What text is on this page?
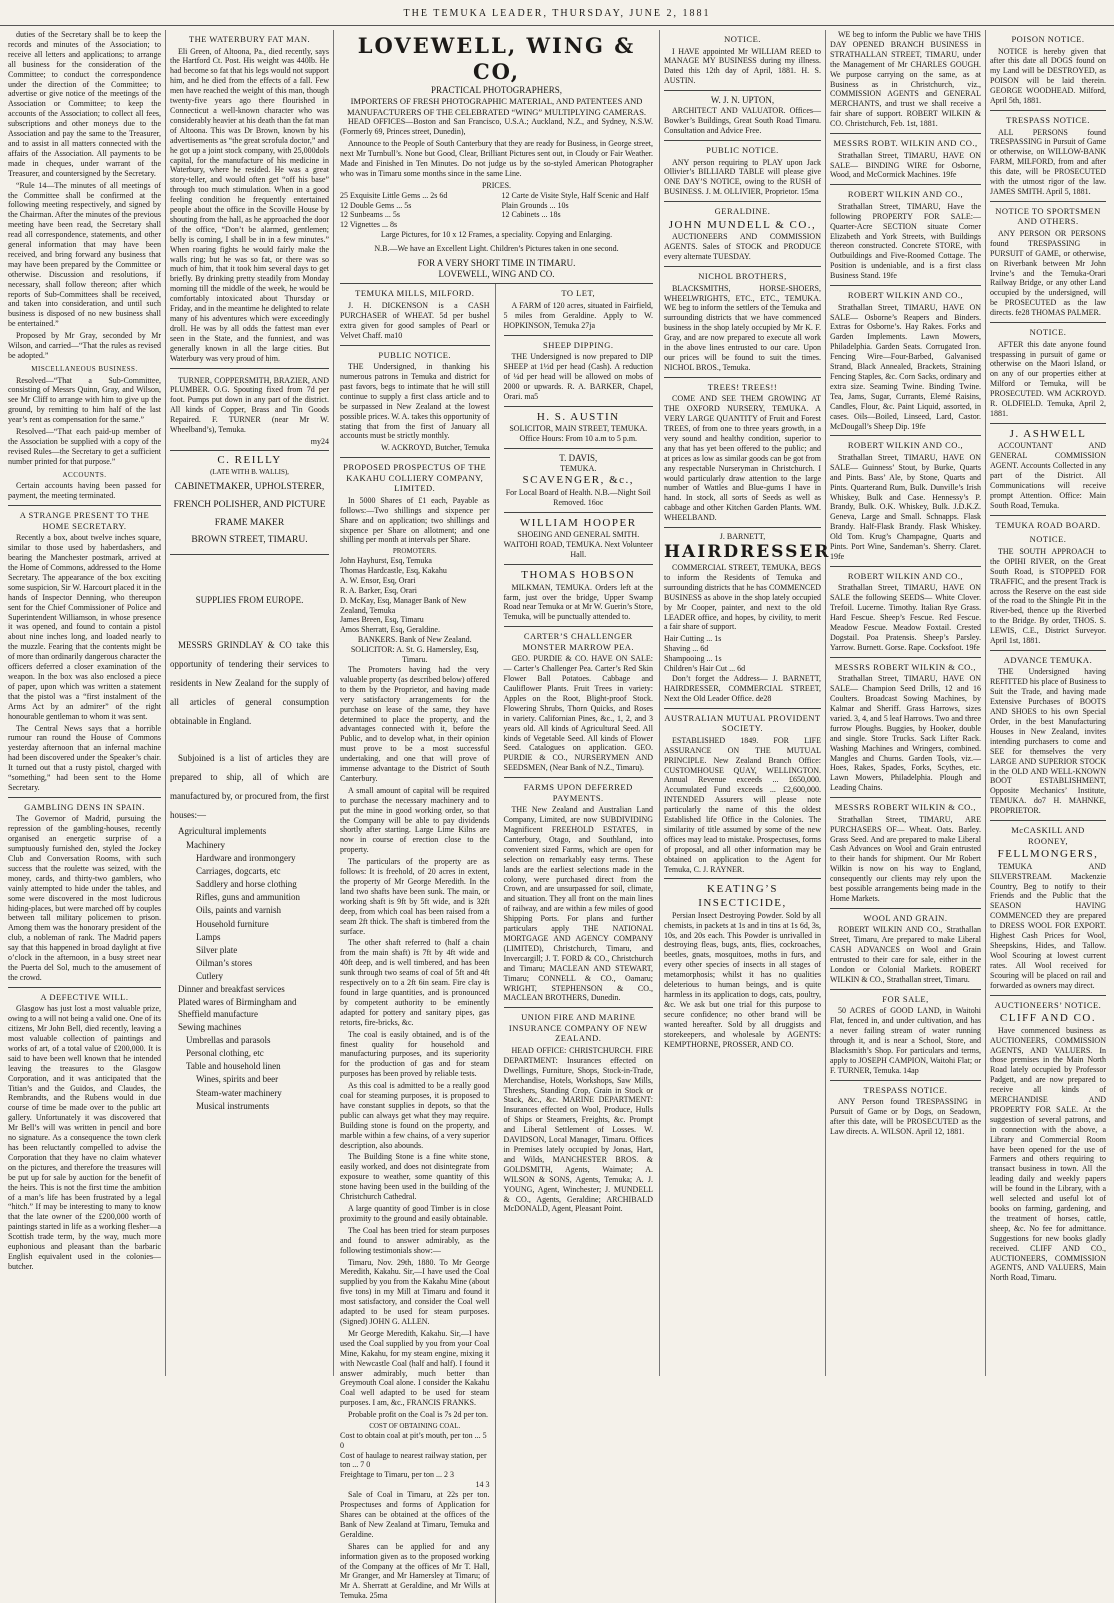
THE TEMUKA LEADER, THURSDAY, JUNE 2, 1881

duties of the Secretary shall be to keep the records and minutes of the Association; to receive all letters and applications; to arrange all business for the consideration of the Committee; to conduct the correspondence under the direction of the Committee; to advertise or give notice of the meetings of the Association or Committee; to keep the accounts of the Association; to collect all fees, subscriptions and other moneys due to the Association and pay the same to the Treasurer, and to assist in all matters connected with the affairs of the Association. All payments to be made in cheques, under warrant of the Treasurer, and countersigned by the Secretary.

“Rule 14—The minutes of all meetings of the Committee shall be confirmed at the following meeting respectively, and signed by the Chairman. After the minutes of the previous meeting have been read, the Secretary shall read all correspondence, statements, and other general information that may have been received, and bring forward any business that may have been prepared by the Committee or otherwise. Discussion and resolutions, if necessary, shall follow thereon; after which reports of Sub-Committees shall be received, and taken into consideration, and until such business is disposed of no new business shall be entertained.”

Proposed by Mr Gray, seconded by Mr Wilson, and carried—“That the rules as revised be adopted.”

MISCELLANEOUS BUSINESS.

Resolved—“That a Sub-Committee, consisting of Messrs Quinn, Gray, and Wilson, see Mr Cliff to arrange with him to give up the ground, by remitting to him half of the last year’s rent as compensation for the same.”

Resolved—“That each paid-up member of the Association be supplied with a copy of the revised Rules—the Secretary to get a sufficient number printed for that purpose.”

ACCOUNTS.

Certain accounts having been passed for payment, the meeting terminated.

A STRANGE PRESENT TO THE HOME SECRETARY.

Recently a box, about twelve inches square, similar to those used by haberdashers, and bearing the Manchester postmark, arrived at the Home of Commons, addressed to the Home Secretary. The appearance of the box exciting some suspicion, Sir W. Harcourt placed it in the hands of Inspector Denning, who thereupon sent for the Chief Commissioner of Police and Superintendent Williamson, in whose presence it was opened, and found to contain a pistol about nine inches long, and loaded nearly to the muzzle. Fearing that the contents might be of more than ordinarily dangerous character the officers deferred a closer examination of the weapon. In the box was also enclosed a piece of paper, upon which was written a statement that the pistol was a “first instalment of the Arms Act by an admirer” of the right honourable gentleman to whom it was sent.

The Central News says that a horrible rumour ran round the House of Commons yesterday afternoon that an infernal machine had been discovered under the Speaker’s chair. It turned out that a rusty pistol, charged with “something,” had been sent to the Home Secretary.

GAMBLING DENS IN SPAIN.

The Governor of Madrid, pursuing the repression of the gambling-houses, recently organised an energetic surprise of a sumptuously furnished den, styled the Jockey Club and Conversation Rooms, with such success that the roulette was seized, with the money, cards, and thirty-two gamblers, who vainly attempted to hide under the tables, and some were discovered in the most ludicrous hiding-places, but were marched off by couples between tall military policemen to prison. Among them was the honorary president of the club, a nobleman of rank. The Madrid papers say that this happened in broad daylight at five o’clock in the afternoon, in a busy street near the Puerta del Sol, much to the amusement of the crowd.

A DEFECTIVE WILL.

Glasgow has just lost a most valuable prize, owing to a will not being a valid one. One of its citizens, Mr John Bell, died recently, leaving a most valuable collection of paintings and works of art, of a total value of £200,000. It is said to have been well known that he intended leaving the treasures to the Glasgow Corporation, and it was anticipated that the Titian’s and the Guidos, and Claudes, the Rembrandts, and the Rubens would in due course of time be made over to the public art gallery. Unfortunately it was discovered that Mr Bell’s will was written in pencil and bore no signature. As a consequence the town clerk has been reluctantly compelled to advise the Corporation that they have no claim whatever on the pictures, and therefore the treasures will be put up for sale by auction for the benefit of the heirs. This is not the first time the ambition of a man’s life has been frustrated by a legal “hitch.” If may be interesting to many to know that the late owner of the £200,000 worth of paintings started in life as a working flesher—a Scottish trade term, by the way, much more euphonious and pleasant than the barbaric English equivalent used in the colonies—butcher.

THE WATERBURY FAT MAN.

Eli Green, of Altoona, Pa., died recently, says the Hartford Ct. Post. His weight was 440lb. He had become so fat that his legs would not support him, and he died from the effects of a fall. Few men have reached the weight of this man, though twenty-five years ago there flourished in Connecticut a well-known character who was considerably heavier at his death than the fat man of Altoona. This was Dr Brown, known by his advertisements as “the great scrofula doctor,” and he got up a joint stock company, with 25,000dols capital, for the manufacture of his medicine in Waterbury, where he resided. He was a great story-teller, and would often get “off his base” through too much stimulation. When in a good feeling condition he frequently entertained people about the office in the Scoville House by shouting from the hall, as he approached the door of the office, “Don’t be alarmed, gentlemen; belly is coming, I shall be in in a few minutes.” When roaring fights he would fairly make the walls ring; but he was so fat, or there was so much of him, that it took him several days to get briefly. By drinking pretty steadily from Monday morning till the middle of the week, he would be comfortably intoxicated about Thursday or Friday, and in the meantime he delighted to relate many of his adventures which were exceedingly droll. He was by all odds the fattest man ever seen in the State, and the funniest, and was generally known in all the large cities. But Waterbury was very proud of him.

TURNER, COPPERSMITH, BRAZIER, AND PLUMBER. O.G. Spouting fixed from 7d per foot. Pumps put down in any part of the district. All kinds of Copper, Brass and Tin Goods Repaired. F. TURNER (near Mr W. Wheelband’s), Temuka.

my24
C. REILLY
(LATE WITH B. WALLIS),
CABINETMAKER, UPHOLSTERER,
FRENCH POLISHER, AND PICTURE
FRAME MAKER
BROWN STREET, TIMARU.
SUPPLIES FROM EUROPE.

MESSRS GRINDLAY & CO take this opportunity of tendering their services to residents in New Zealand for the supply of all articles of general consumption obtainable in England.

Subjoined is a list of articles they are prepared to ship, all of which are manufactured by, or procured from, the first houses:—

Agricultural implements
Machinery
Hardware and ironmongery
Carriages, dogcarts, etc
Saddlery and horse clothing
Rifles, guns and ammunition
Oils, paints and varnish
Household furniture
Lamps
Silver plate
Oilman’s stores
Cutlery
Dinner and breakfast services
Plated wares of Birmingham and Sheffield manufacture
Sewing machines
Umbrellas and parasols
Personal clothing, etc
Table and household linen
Wines, spirits and beer
Steam-water machinery
Musical instruments
LOVEWELL, WING & CO,
PRACTICAL PHOTOGRAPHERS,
IMPORTERS OF FRESH PHOTOGRAPHIC MATERIAL, AND PATENTEES AND MANUFACTURERS OF THE CELEBRATED “WING” MULTIPLYING CAMERAS.

HEAD OFFICES—Boston and San Francisco, U.S.A.; Auckland, N.Z., and Sydney, N.S.W. (Formerly 69, Princes street, Dunedin),

Announce to the People of South Canterbury that they are ready for Business, in George street, next Mr Turnbull’s. None but Good, Clear, Brilliant Pictures sent out, in Cloudy or Fair Weather. Made and Finished in Ten Minutes. Do not judge us by the so-styled American Photographer who was in Timaru some months since in the same Line.

PRICES.
25 Exquisite Little Gems ... 2s 6d
12 Double Gems ... 5s
12 Sunbeams ... 5s
12 Vignettes ... 8s
12 Carte de Visite Style, Half Scenic and Half Plain Grounds ... 10s
12 Cabinets ... 18s
Large Pictures, for 10 x 12 Frames, a speciality. Copying and Enlarging.
N.B.—We have an Excellent Light. Children’s Pictures taken in one second.
FOR A VERY SHORT TIME IN TIMARU.
LOVEWELL, WING AND CO.
TEMUKA MILLS, MILFORD.

J. H. DICKENSON is a CASH PURCHASER of WHEAT. 5d per bushel extra given for good samples of Pearl or Velvet Chaff. ma10

PUBLIC NOTICE.

THE Undersigned, in thanking his numerous patrons in Temuka and district for past favors, begs to intimate that he will still continue to supply a first class article and to be surpassed in New Zealand at the lowest possible prices. W. A. takes this opportunity of stating that from the first of January all accounts must be strictly monthly.

W. ACKROYD, Butcher, Temuka
PROPOSED PROSPECTUS OF THE KAKAHU COLLIERY COMPANY, LIMITED.

In 5000 Shares of £1 each, Payable as follows:—Two shillings and sixpence per Share and on application; two shillings and sixpence per Share on allotment; and one shilling per month at intervals per Share.

PROMOTERS.
John Hayhurst, Esq, Temuka
Thomas Hardcastle, Esq, Kakahu
A. W. Ensor, Esq, Orari
R. A. Barker, Esq, Orari
D. McKay, Esq, Manager Bank of New Zealand, Temuka
James Breen, Esq, Timaru
Amos Sherratt, Esq, Geraldine.
BANKERS. Bank of New Zealand.
SOLICITOR: A. St. G. Hamersley, Esq, Timaru.

The Promoters having had the very valuable property (as described below) offered to them by the Proprietor, and having made very satisfactory arrangements for the purchase on lease of the same, they have determined to place the property, and the advantages connected with it, before the Public, and to develop what, in their opinion must prove to be a most successful undertaking, and one that will prove of immense advantage to the District of South Canterbury.

A small amount of capital will be required to purchase the necessary machinery and to put the mine in good working order, so that the Company will be able to pay dividends shortly after starting. Large Lime Kilns are now in course of erection close to the property.

The particulars of the property are as follows: It is freehold, of 20 acres in extent, the property of Mr George Meredith. In the land two shafts have been sunk. The main, or working shaft is 9ft by 5ft wide, and is 32ft deep, from which coal has been raised from a seam 2ft thick. The shaft is timbered from the surface.

The other shaft referred to (half a chain from the main shaft) is 7ft by 4ft wide and 40ft deep, and is well timbered, and has been sunk through two seams of coal of 5ft and 4ft respectively on to a 2ft 6in seam. Fire clay is found in large quantities, and is pronounced by competent authority to be eminently adapted for pottery and sanitary pipes, gas retorts, fire-bricks, &c.

The coal is easily obtained, and is of the finest quality for household and manufacturing purposes, and its superiority for the production of gas and for steam purposes has been proved by reliable tests.

As this coal is admitted to be a really good coal for steaming purposes, it is proposed to have constant supplies in depots, so that the public can always get what they may require. Building stone is found on the property, and marble within a few chains, of a very superior description, also abounds.

The Building Stone is a fine white stone, easily worked, and does not disintegrate from exposure to weather, some quantity of this stone having been used in the building of the Christchurch Cathedral.

A large quantity of good Timber is in close proximity to the ground and easily obtainable.

The Coal has been tried for steam purposes and found to answer admirably, as the following testimonials show:—

Timaru, Nov. 29th, 1880. To Mr George Meredith, Kakahu. Sir,—I have used the Coal supplied by you from the Kakahu Mine (about five tons) in my Mill at Timaru and found it most satisfactory, and consider the Coal well adapted to be used for steam purposes. (Signed) JOHN G. ALLEN.

Mr George Meredith, Kakahu. Sir,—I have used the Coal supplied by you from your Coal Mine, Kakahu, for my steam engine, mixing it with Newcastle Coal (half and half). I found it answer admirably, much better than Greymouth Coal alone. I consider the Kakahu Coal well adapted to be used for steam purposes. I am, &c., FRANCIS FRANKS.

Probable profit on the Coal is 7s 2d per ton.

COST OF OBTAINING COAL.
Cost to obtain coal at pit’s mouth, per ton ... 5 0
Cost of haulage to nearest railway station, per ton ... 7 0
Freightage to Timaru, per ton ... 2 3
14 3

Sale of Coal in Timaru, at 22s per ton. Prospectuses and forms of Application for Shares can be obtained at the offices of the Bank of New Zealand at Timaru, Temuka and Geraldine.

Shares can be applied for and any information given as to the proposed working of the Company at the offices of Mr T. Hall, Mr Granger, and Mr Hamersley at Timaru; of Mr A. Sherratt at Geraldine, and Mr Wills at Temuka. 25ma

TO LET,

A FARM of 120 acres, situated in Fairfield, 5 miles from Geraldine. Apply to W. HOPKINSON, Temuka 27ja

SHEEP DIPPING.

THE Undersigned is now prepared to DIP SHEEP at 1½d per head (Cash). A reduction of ¼d per head will be allowed on mobs of 2000 or upwards. R. A. BARKER, Chapel, Orari. ma5

H. S. AUSTIN

SOLICITOR, MAIN STREET, TEMUKA. Office Hours: From 10 a.m to 5 p.m.

T. DAVIS,
TEMUKA.
SCAVENGER, &c.,

For Local Board of Health. N.B.—Night Soil Removed. 16oc

WILLIAM HOOPER

SHOEING AND GENERAL SMITH. WAITOHI ROAD, TEMUKA. Next Volunteer Hall.

THOMAS HOBSON

MILKMAN, TEMUKA. Orders left at the farm, just over the bridge, Upper Swamp Road near Temuka or at Mr W. Guerin’s Store, Temuka, will be punctually attended to.

CARTER’S CHALLENGER MONSTER MARROW PEA.

GEO. PURDIE & CO. HAVE ON SALE:— Carter’s Challenger Pea. Carter’s Red Skin Flower Ball Potatoes. Cabbage and Cauliflower Plants. Fruit Trees in variety: Apples on the Root, Blight-proof Stock. Flowering Shrubs, Thorn Quicks, and Roses in variety. Californian Pines, &c., 1, 2, and 3 years old. All kinds of Agricultural Seed. All kinds of Vegetable Seed. All kinds of Flower Seed. Catalogues on application. GEO. PURDIE & CO., NURSERYMEN AND SEEDSMEN, (Near Bank of N.Z., Timaru).

FARMS UPON DEFERRED PAYMENTS.

THE New Zealand and Australian Land Company, Limited, are now SUBDIVIDING Magnificent FREEHOLD ESTATES, in Canterbury, Otago, and Southland, into convenient sized Farms, which are open for selection on remarkably easy terms. These lands are the earliest selections made in the colony, were purchased direct from the Crown, and are unsurpassed for soil, climate, and situation. They all front on the main lines of railway, and are within a few miles of good Shipping Ports. For plans and further particulars apply THE NATIONAL MORTGAGE AND AGENCY COMPANY (LIMITED), Christchurch, Timaru, and Invercargill; J. T. FORD & CO., Christchurch and Timaru; MACLEAN AND STEWART, Timaru; CONNELL & CO., Oamaru; WRIGHT, STEPHENSON & CO., MACLEAN BROTHERS, Dunedin.

UNION FIRE AND MARINE INSURANCE COMPANY OF NEW ZEALAND.

HEAD OFFICE: CHRISTCHURCH. FIRE DEPARTMENT: Insurances effected on Dwellings, Furniture, Shops, Stock-in-Trade, Merchandise, Hotels, Workshops, Saw Mills, Threshers, Standing Crop, Grain in Stock or Stack, &c., &c. MARINE DEPARTMENT: Insurances effected on Wool, Produce, Hulls of Ships or Steamers, Freights, &c. Prompt and Liberal Settlement of Losses. W. DAVIDSON, Local Manager, Timaru. Offices in Premises lately occupied by Jonas, Hart, and Wilds, MANCHESTER BROS. & GOLDSMITH, Agents, Waimate; A. WILSON & SONS, Agents, Temuka; A. J. YOUNG, Agent, Winchester; J. MUNDELL & CO., Agents, Geraldine; ARCHIBALD McDONALD, Agent, Pleasant Point.

NOTICE.

I HAVE appointed Mr WILLIAM REED to MANAGE MY BUSINESS during my illness. Dated this 12th day of April, 1881. H. S. AUSTIN.

W. J. N. UPTON,

ARCHITECT AND VALUATOR. Offices—Bowker’s Buildings, Great South Road Timaru. Consultation and Advice Free.

PUBLIC NOTICE.

ANY person requiring to PLAY upon Jack Ollivier’s BILLIARD TABLE will please give ONE DAY’S NOTICE, owing to the RUSH of BUSINESS. J. M. OLLIVIER, Proprietor. 15ma

GERALDINE.
JOHN MUNDELL & CO.,

AUCTIONEERS AND COMMISSION AGENTS. Sales of STOCK and PRODUCE every alternate TUESDAY.

NICHOL BROTHERS,

BLACKSMITHS, HORSE-SHOERS, WHEELWRIGHTS, ETC., ETC., TEMUKA. WE beg to inform the settlers of the Temuka and surrounding districts that we have commenced business in the shop lately occupied by Mr K. F. Gray, and are now prepared to execute all work in the above lines entrusted to our care. Upon our prices will be found to suit the times. NICHOL BROS., Temuka.

TREES! TREES!!

COME AND SEE THEM GROWING AT THE OXFORD NURSERY, TEMUKA. A VERY LARGE QUANTITY of Fruit and Forest TREES, of from one to three years growth, in a very sound and healthy condition, superior to any that has yet been offered to the public; and at prices as low as similar goods can be got from any respectable Nurseryman in Christchurch. I would particularly draw attention to the large number of Wattles and Blue-gums I have in hand. In stock, all sorts of Seeds as well as cabbage and other Kitchen Garden Plants. WM. WHEELBAND.

J. BARNETT,
HAIRDRESSER

COMMERCIAL STREET, TEMUKA, BEGS to inform the Residents of Temuka and surrounding districts that he has COMMENCED BUSINESS as above in the shop lately occupied by Mr Cooper, painter, and next to the old LEADER office, and hopes, by civility, to merit a fair share of support.

Hair Cutting ... 1s
Shaving ... 6d
Shampooing ... 1s
Children’s Hair Cut ... 6d

Don’t forget the Address— J. BARNETT, HAIRDRESSER, COMMERCIAL STREET, Next the Old Leader Office. de28

AUSTRALIAN MUTUAL PROVIDENT SOCIETY.

ESTABLISHED 1849. FOR LIFE ASSURANCE ON THE MUTUAL PRINCIPLE. New Zealand Branch Office: CUSTOMHOUSE QUAY, WELLINGTON. Annual Revenue exceeds ... £650,000. Accumulated Fund exceeds ... £2,600,000. INTENDED Assurers will please note particularly the name of this the oldest Established life Office in the Colonies. The similarity of title assumed by some of the new offices may lead to mistake. Prospectuses, forms of proposal, and all other information may be obtained on application to the Agent for Temuka, C. J. RAYNER.

KEATING’S INSECTICIDE,

Persian Insect Destroying Powder. Sold by all chemists, in packets at 1s and in tins at 1s 6d, 3s, 10s, and 20s each. This Powder is unrivalled in destroying fleas, bugs, ants, flies, cockroaches, beetles, gnats, mosquitoes, moths in furs, and every other species of insects in all stages of metamorphosis; whilst it has no qualities deleterious to human beings, and is quite harmless in its application to dogs, cats, poultry, &c. We ask but one trial for this purpose to secure confidence; no other brand will be wanted hereafter. Sold by all druggists and storekeepers, and wholesale by AGENTS: KEMPTHORNE, PROSSER, AND CO.

WE beg to inform the Public we have THIS DAY OPENED BRANCH BUSINESS in STRATHALLAN STREET, TIMARU, under the Management of Mr CHARLES GOUGH. We purpose carrying on the same, as at Business as in Christchurch, viz., COMMISSION AGENTS and GENERAL MERCHANTS, and trust we shall receive a fair share of support. ROBERT WILKIN & CO. Christchurch, Feb. 1st, 1881.

MESSRS ROBT. WILKIN AND CO.,

Strathallan Street, TIMARU, HAVE ON SALE— BINDING WIRE for Osborne, Wood, and McCormick Machines. 19fe

ROBERT WILKIN AND CO.,

Strathallan Street, TIMARU, Have the following PROPERTY FOR SALE:— Quarter-Acre SECTION situate Corner Elizabeth and York Streets, with Buildings thereon constructed. Concrete STORE, with Outbuildings and Five-Roomed Cottage. The Position is undeniable, and is a first class Business Stand. 19fe

ROBERT WILKIN AND CO.,

Strathallan Street, TIMARU, HAVE ON SALE— Osborne’s Reapers and Binders. Extras for Osborne’s. Hay Rakes. Forks and Garden Implements. Lawn Mowers, Philadelphia. Garden Seats. Corrugated Iron. Fencing Wire—Four-Barbed, Galvanised Strand, Black Annealed, Brackets, Straining Fencing Staples, &c. Corn Sacks, ordinary and extra size. Seaming Twine. Binding Twine. Tea, Jams, Sugar, Currants, Elemé Raisins, Candles, Flour, &c. Paint Liquid, assorted, in cases. Oils—Boiled, Linseed, Lard, Castor. McDougall’s Sheep Dip. 19fe

ROBERT WILKIN AND CO.,

Strathallan Street, TIMARU, HAVE ON SALE— Guinness’ Stout, by Burke, Quarts and Pints. Bass’ Ale, by Stone, Quarts and Pints. Quarterand Rum, Bulk. Dunville’s Irish Whiskey, Bulk and Case. Hennessy’s P. Brandy, Bulk. O.K. Whiskey, Bulk. J.D.K.Z. Geneva, Large and Small. Schnapps. Flask Brandy. Half-Flask Brandy. Flask Whiskey. Old Tom. Krug’s Champagne, Quarts and Pints. Port Wine, Sandeman’s. Sherry. Claret. 19fe

ROBERT WILKIN AND CO.,

Strathallan Street, TIMARU, HAVE ON SALE the following SEEDS— White Clover. Trefoil. Lucerne. Timothy. Italian Rye Grass. Hard Fescue. Sheep’s Fescue. Red Fescue. Meadow Fescue. Meadow Foxtail. Crested Dogstail. Poa Pratensis. Sheep’s Parsley. Yarrow. Burnett. Gorse. Rape. Cocksfoot. 19fe

MESSRS ROBERT WILKIN & CO.,

Strathallan Street, TIMARU, HAVE ON SALE— Champion Seed Drills, 12 and 16 Coulters. Broadcast Sowing Machines, by Kalmar and Sheriff. Grass Harrows, sizes varied. 3, 4, and 5 leaf Harrows. Two and three furrow Ploughs. Buggies, by Hooker, double and single. Store Trucks. Sack Lifter Rack. Washing Machines and Wringers, combined. Mangles and Churns. Garden Tools, viz.—Hoes, Rakes, Spades, Forks, Scythes, etc. Lawn Mowers, Philadelphia. Plough and Leading Chains.

MESSRS ROBERT WILKIN & CO.,

Strathallan Street, TIMARU, ARE PURCHASERS OF— Wheat. Oats. Barley. Grass Seed. And are prepared to make Liberal Cash Advances on Wool and Grain entrusted to their hands for shipment. Our Mr Robert Wilkin is now on his way to England, consequently our clients may rely upon the best possible arrangements being made in the Home Markets.

WOOL AND GRAIN.

ROBERT WILKIN AND CO., Strathallan Street, Timaru, Are prepared to make Liberal CASH ADVANCES on Wool and Grain entrusted to their care for sale, either in the London or Colonial Markets. ROBERT WILKIN & CO., Strathallan street, Timaru.

FOR SALE,

50 ACRES of GOOD LAND, in Waitohi Flat, fenced in, and under cultivation, and has a never failing stream of water running through it, and is near a School, Store, and Blacksmith’s Shop. For particulars and terms, apply to JOSEPH CAMPION, Waitohi Flat; or F. TURNER, Temuka. 14ap

TRESPASS NOTICE.

ANY Person found TRESPASSING in Pursuit of Game or by Dogs, on Seadown, after this date, will be PROSECUTED as the Law directs. A. WILSON. April 12, 1881.

POISON NOTICE.

NOTICE is hereby given that after this date all DOGS found on my Land will be DESTROYED, as POISON will be laid therein. GEORGE WOODHEAD. Milford, April 5th, 1881.

TRESPASS NOTICE.

ALL PERSONS found TRESPASSING in Pursuit of Game or otherwise, on WILLOW-BANK FARM, MILFORD, from and after this date, will be PROSECUTED with the utmost rigor of the law. JAMES SMITH. April 5, 1881.

NOTICE TO SPORTSMEN AND OTHERS.

ANY PERSON OR PERSONS found TRESPASSING in PURSUIT of GAME, or otherwise, on Riverbank between Mr John Irvine’s and the Temuka-Orari Railway Bridge, or any other Land occupied by the undersigned, will be PROSECUTED as the law directs. fe28 THOMAS PALMER.

NOTICE.

AFTER this date anyone found trespassing in pursuit of game or otherwise on the Maori Island, or on any of our properties either at Milford or Temuka, will be PROSECUTED. WM ACKROYD. R. OLDFIELD. Temuka, April 2, 1881.

J. ASHWELL

ACCOUNTANT AND GENERAL COMMISSION AGENT. Accounts Collected in any part of the District. All Communications will receive prompt Attention. Office: Main South Road, Temuka.

TEMUKA ROAD BOARD.
NOTICE.

THE SOUTH APPROACH to the OPIHI RIVER, on the Great South Road, is STOPPED FOR TRAFFIC, and the present Track is across the Reserve on the east side of the road to the Shingle Pit in the River-bed, thence up the Riverbed to the Bridge. By order, THOS. S. LEWIS, C.E., District Surveyor. April 1st, 1881.

ADVANCE TEMUKA.

THE Undersigned having REFITTED his place of Business to Suit the Trade, and having made Extensive Purchases of BOOTS AND SHOES to his own Special Order, in the best Manufacturing Houses in New Zealand, invites intending purchasers to come and SEE for themselves the very LARGE AND SUPERIOR STOCK in the OLD AND WELL-KNOWN BOOT ESTABLISHMENT, Opposite Mechanics’ Institute, TEMUKA. do7 H. MAHNKE, PROPRIETOR.

McCASKILL AND ROONEY,
FELLMONGERS,

TEMUKA AND SILVERSTREAM. Mackenzie Country, Beg to notify to their Friends and the Public that the SEASON HAVING COMMENCED they are prepared to DRESS WOOL FOR EXPORT. Highest Cash Prices for Wool, Sheepskins, Hides, and Tallow. Wool Scouring at lowest current rates. All Wool received for Scouring will be placed on rail and forwarded as owners may direct.

AUCTIONEERS’ NOTICE.
CLIFF AND CO.

Have commenced business as AUCTIONEERS, COMMISSION AGENTS, AND VALUERS. In those premises in the Main North Road lately occupied by Professor Padgett, and are now prepared to receive all kinds of MERCHANDISE AND PROPERTY FOR SALE. At the suggestion of several patrons, and in connection with the above, a Library and Commercial Room have been opened for the use of Farmers and others requiring to transact business in town. All the leading daily and weekly papers will be found in the Library, with a well selected and useful lot of books on farming, gardening, and the treatment of horses, cattle, sheep, &c. No fee for admittance. Suggestions for new books gladly received. CLIFF AND CO., AUCTIONEERS, COMMISSION AGENTS, AND VALUERS, Main North Road, Timaru.
